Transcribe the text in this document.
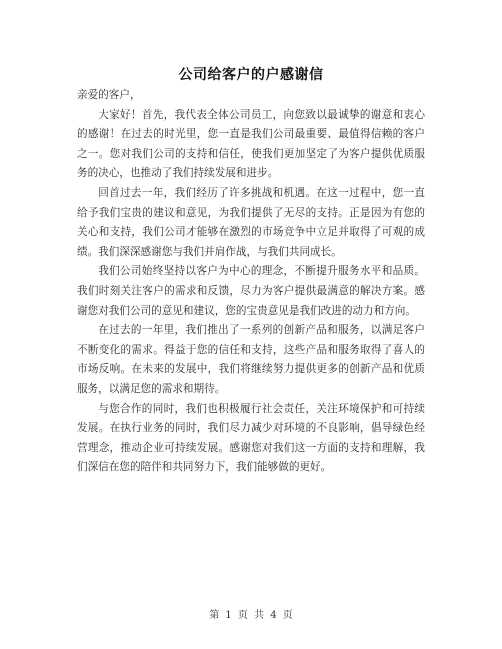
公司给客户的户感谢信

亲爱的客户，

大家好！首先，我代表全体公司员工，向您致以最诚挚的谢意和衷心的感谢！在过去的时光里，您一直是我们公司最重要、最值得信赖的客户之一。您对我们公司的支持和信任，使我们更加坚定了为客户提供优质服务的决心，也推动了我们持续发展和进步。

回首过去一年，我们经历了许多挑战和机遇。在这一过程中，您一直给予我们宝贵的建议和意见，为我们提供了无尽的支持。正是因为有您的关心和支持，我们公司才能够在激烈的市场竞争中立足并取得了可观的成绩。我们深深感谢您与我们并肩作战，与我们共同成长。

我们公司始终坚持以客户为中心的理念，不断提升服务水平和品质。我们时刻关注客户的需求和反馈，尽力为客户提供最满意的解决方案。感谢您对我们公司的意见和建议，您的宝贵意见是我们改进的动力和方向。

在过去的一年里，我们推出了一系列的创新产品和服务，以满足客户不断变化的需求。得益于您的信任和支持，这些产品和服务取得了喜人的市场反响。在未来的发展中，我们将继续努力提供更多的创新产品和优质服务，以满足您的需求和期待。

与您合作的同时，我们也积极履行社会责任，关注环境保护和可持续发展。在执行业务的同时，我们尽力减少对环境的不良影响，倡导绿色经营理念，推动企业可持续发展。感谢您对我们这一方面的支持和理解，我们深信在您的陪伴和共同努力下，我们能够做的更好。

第 1 页 共 4 页
